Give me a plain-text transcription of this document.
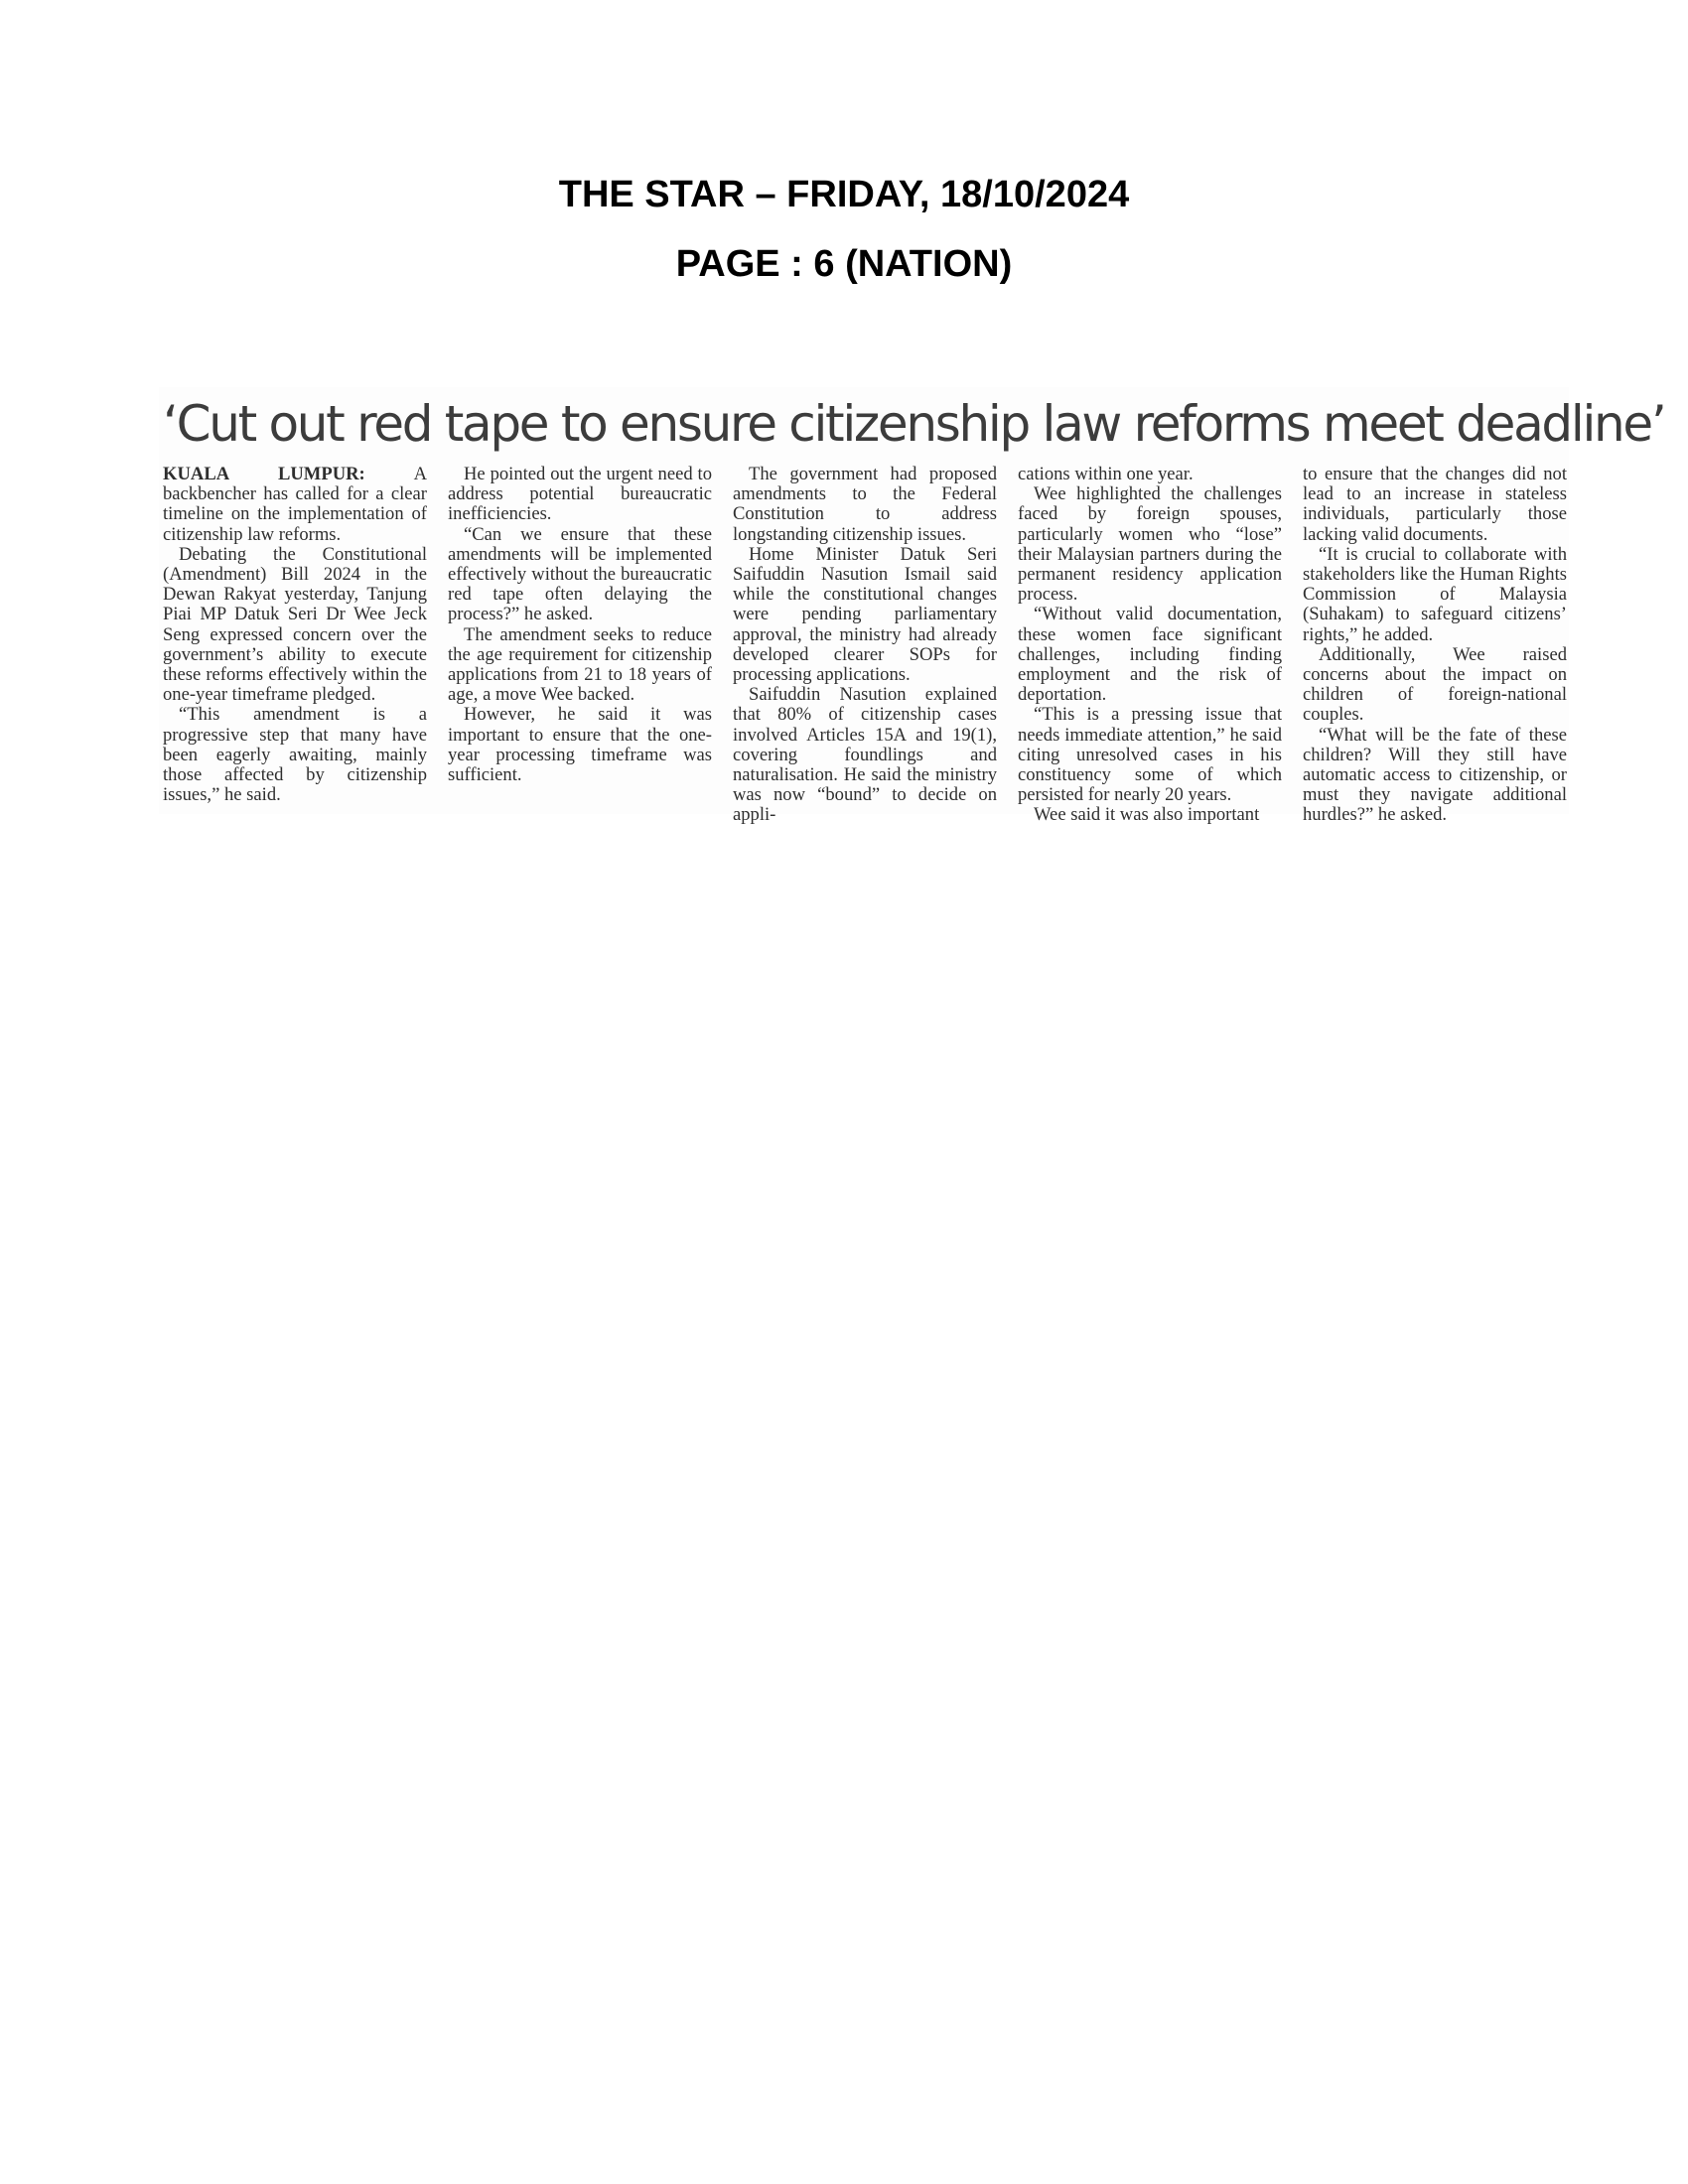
THE STAR – FRIDAY, 18/10/2024
PAGE : 6 (NATION)
‘Cut out red tape to ensure citizenship law reforms meet deadline’

KUALA LUMPUR:	A backbencher has called for a clear timeline on the implementation of citizenship law reforms.

Debating the Constitutional (Amendment) Bill 2024 in the Dewan Rakyat yesterday, Tanjung Piai MP Datuk Seri Dr Wee Jeck Seng expressed concern over the government’s ability to execute these reforms effectively within the one-year timeframe pledged.

“This amendment is a progressive step that many have been eagerly awaiting, mainly those affected by citizenship issues,” he said.

He pointed out the urgent need to address potential bureaucratic inefficiencies.

“Can we ensure that these amendments will be implemented effectively without the bureaucratic red tape often delaying the process?” he asked.

The amendment seeks to reduce the age requirement for citizenship applications from 21 to 18 years of age, a move Wee backed.

However, he said it was important to ensure that the one-year processing timeframe was sufficient.

The government had proposed amendments to the Federal Constitution to address longstanding citizenship issues.

Home Minister Datuk Seri Saifuddin Nasution Ismail said while the constitutional changes were pending parliamentary approval, the ministry had already developed clearer SOPs for processing applications.

Saifuddin Nasution explained that 80% of citizenship cases involved Articles 15A and 19(1), covering foundlings and naturalisation. He said the ministry was now “bound” to decide on appli-

cations within one year.

Wee highlighted the challenges faced by foreign spouses, particularly women who “lose” their Malaysian partners during the permanent residency application process.

“Without valid documentation, these women face significant challenges, including finding employment and the risk of deportation.

“This is a pressing issue that needs immediate attention,” he said citing unresolved cases in his constituency some of which persisted for nearly 20 years.

Wee said it was also important

to ensure that the changes did not lead to an increase in stateless individuals, particularly those lacking valid documents.

“It is crucial to collaborate with stakeholders like the Human Rights Commission of Malaysia (Suhakam) to safeguard citizens’ rights,” he added.

Additionally, Wee raised concerns about the impact on children of foreign-national couples.

“What will be the fate of these children? Will they still have automatic access to citizenship, or must they navigate additional hurdles?” he asked.
